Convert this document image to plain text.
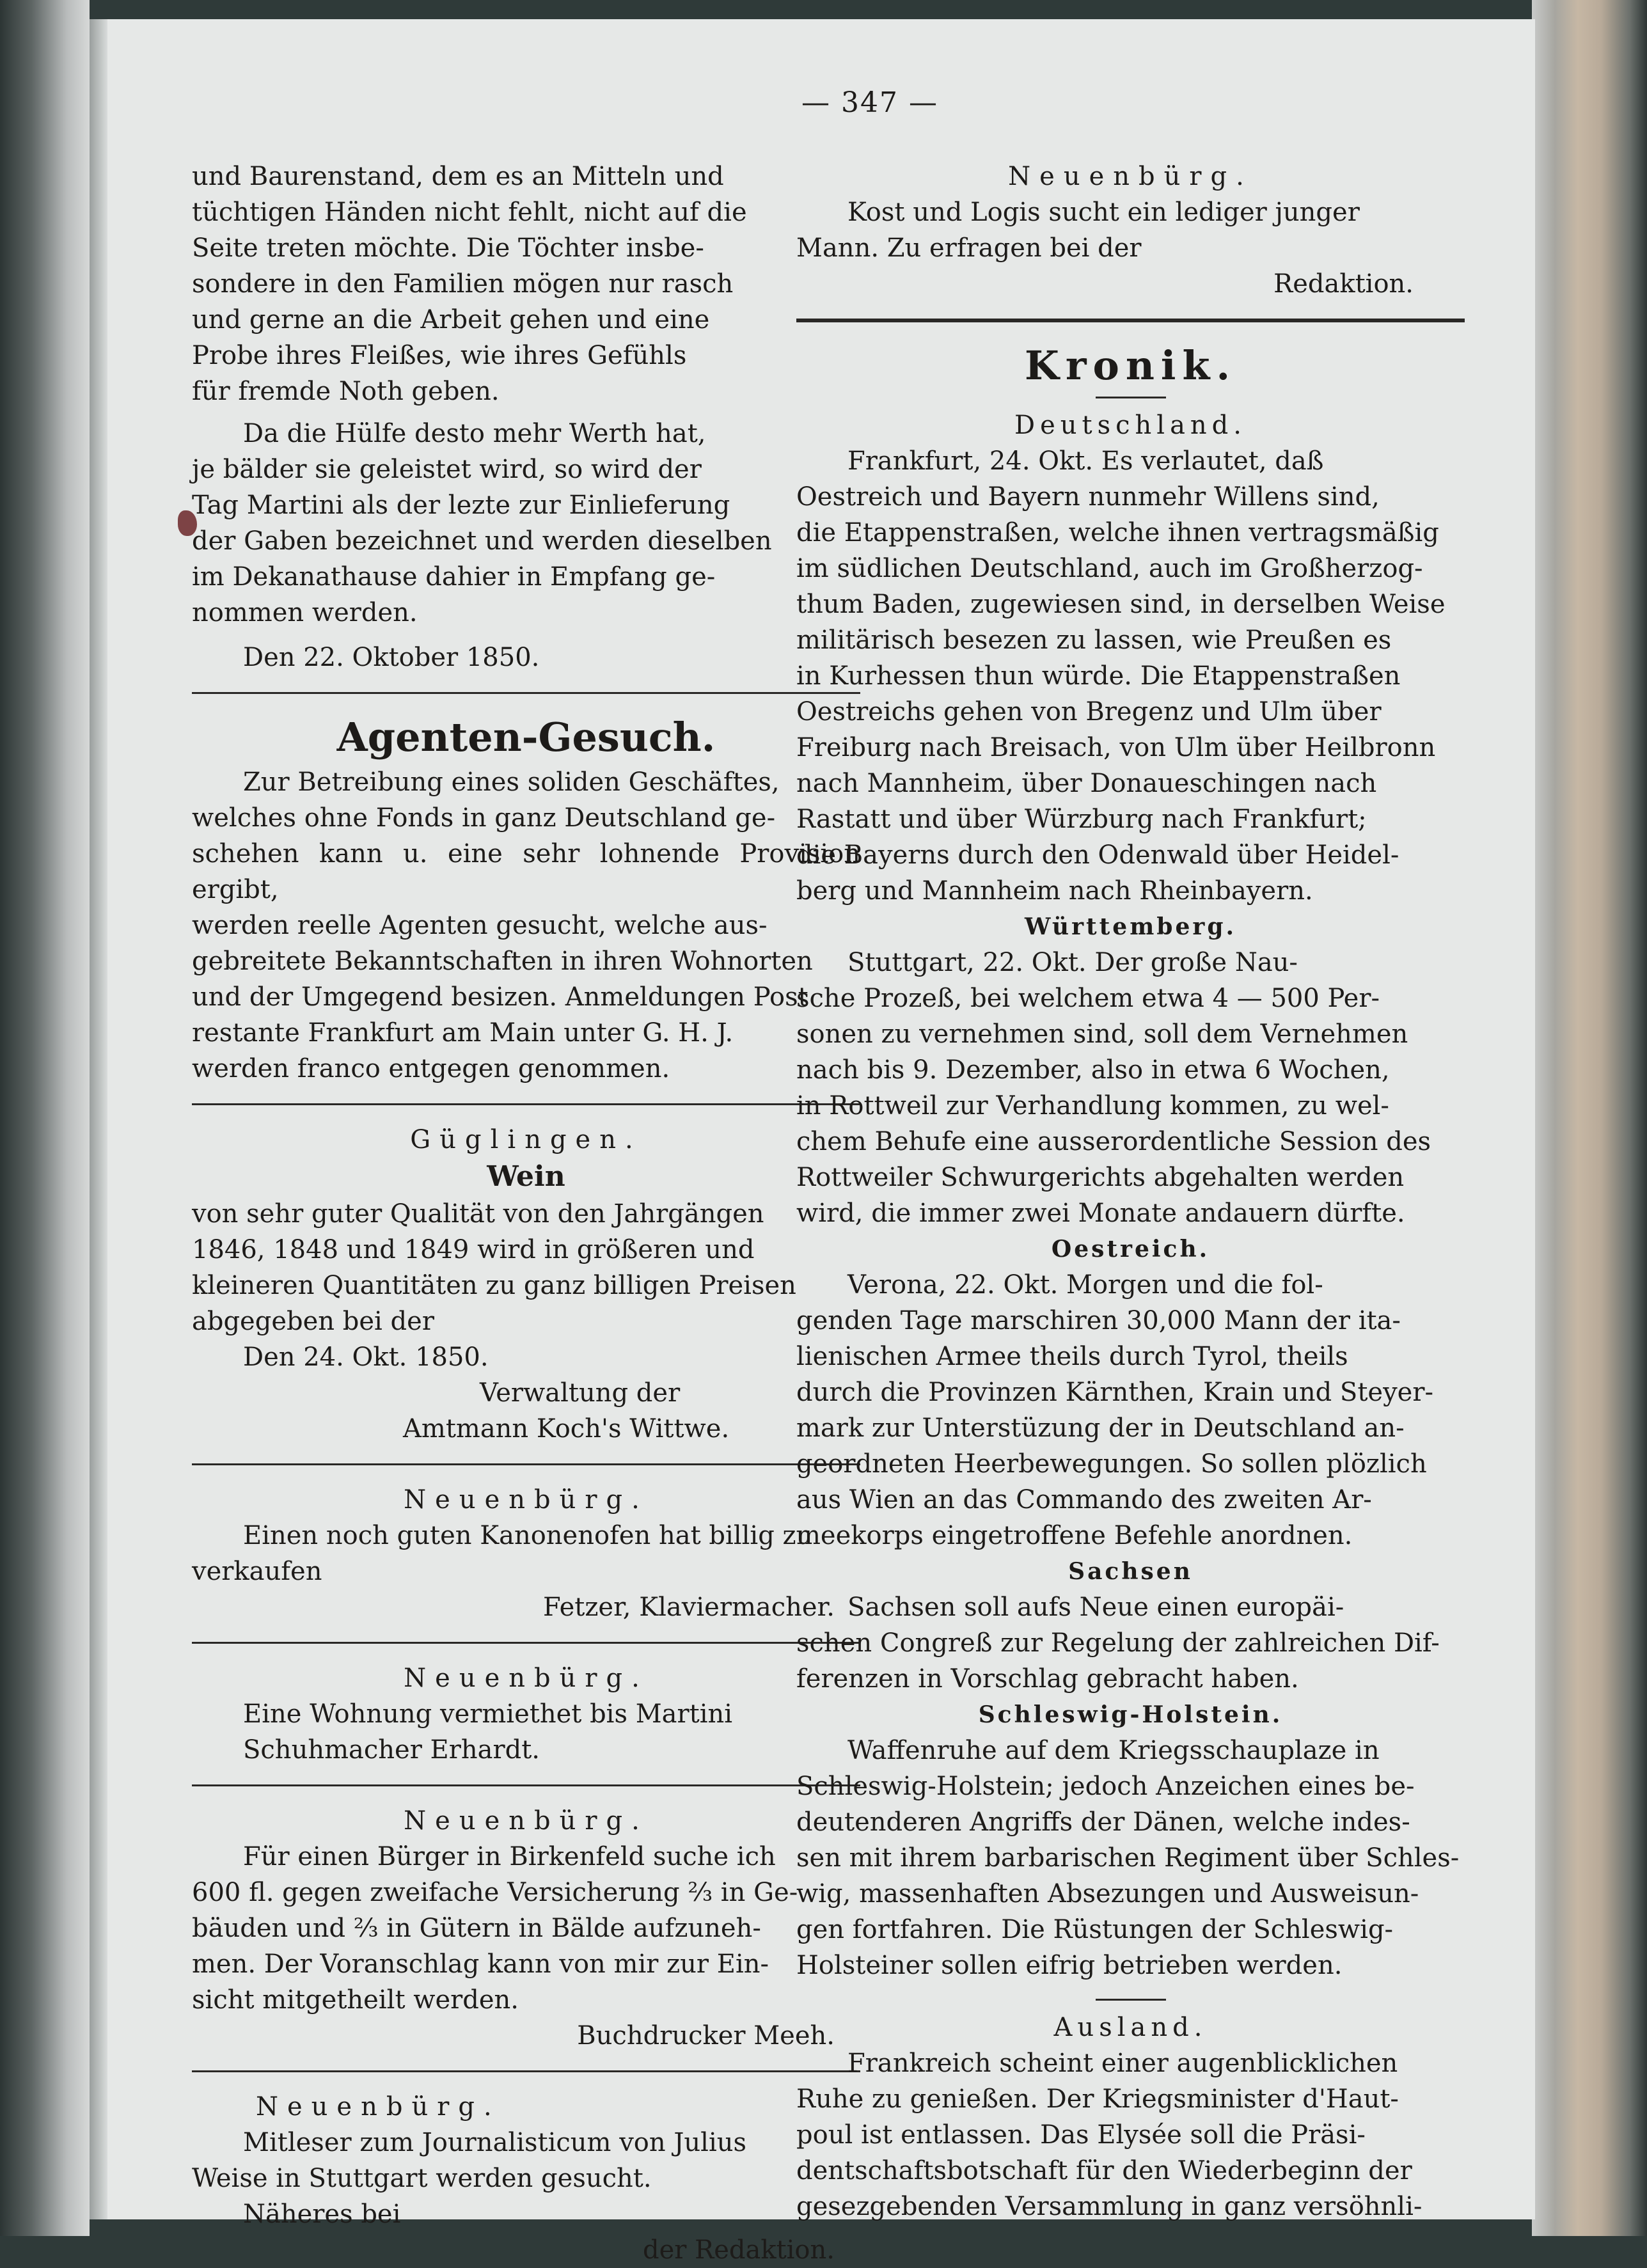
— 347 —

und Baurenstand, dem es an Mitteln und

tüchtigen Händen nicht fehlt, nicht auf die

Seite treten möchte. Die Töchter insbe-

sondere in den Familien mögen nur rasch

und gerne an die Arbeit gehen und eine

Probe ihres Fleißes, wie ihres Gefühls

für fremde Noth geben.

Da die Hülfe desto mehr Werth hat,

je bälder sie geleistet wird, so wird der

Tag Martini als der lezte zur Einlieferung

der Gaben bezeichnet und werden dieselben

im Dekanathause dahier in Empfang ge-

nommen werden.

Den 22. Oktober 1850.

Agenten-Gesuch.

Zur Betreibung eines soliden Geschäftes,

welches ohne Fonds in ganz Deutschland ge-

schehen kann u. eine sehr lohnende Provision ergibt,

werden reelle Agenten gesucht, welche aus-

gebreitete Bekanntschaften in ihren Wohnorten

und der Umgegend besizen. Anmeldungen Post

restante Frankfurt am Main unter G. H. J.

werden franco entgegen genommen.

Güglingen.
Wein

von sehr guter Qualität von den Jahrgängen

1846, 1848 und 1849 wird in größeren und

kleineren Quantitäten zu ganz billigen Preisen

abgegeben bei der

Den 24. Okt. 1850.

Verwaltung der

Amtmann Koch's Wittwe.

Neuenbürg.

Einen noch guten Kanonenofen hat billig zu

verkaufen

Fetzer, Klaviermacher.

Neuenbürg.

Eine Wohnung vermiethet bis Martini

Schuhmacher Erhardt.

Neuenbürg.

Für einen Bürger in Birkenfeld suche ich

600 fl. gegen zweifache Versicherung ⅔ in Ge-

bäuden und ⅔ in Gütern in Bälde aufzuneh-

men. Der Voranschlag kann von mir zur Ein-

sicht mitgetheilt werden.

Buchdrucker Meeh.

Neuenbürg.

Mitleser zum Journalisticum von Julius

Weise in Stuttgart werden gesucht.

Näheres bei

der Redaktion.

Neuenbürg.

Kost und Logis sucht ein lediger junger

Mann. Zu erfragen bei der

Redaktion.

Kronik.
Deutschland.

Frankfurt, 24. Okt. Es verlautet, daß

Oestreich und Bayern nunmehr Willens sind,

die Etappenstraßen, welche ihnen vertragsmäßig

im südlichen Deutschland, auch im Großherzog-

thum Baden, zugewiesen sind, in derselben Weise

militärisch besezen zu lassen, wie Preußen es

in Kurhessen thun würde. Die Etappenstraßen

Oestreichs gehen von Bregenz und Ulm über

Freiburg nach Breisach, von Ulm über Heilbronn

nach Mannheim, über Donaueschingen nach

Rastatt und über Würzburg nach Frankfurt;

die Bayerns durch den Odenwald über Heidel-

berg und Mannheim nach Rheinbayern.

Württemberg.

Stuttgart, 22. Okt. Der große Nau-

sche Prozeß, bei welchem etwa 4 — 500 Per-

sonen zu vernehmen sind, soll dem Vernehmen

nach bis 9. Dezember, also in etwa 6 Wochen,

in Rottweil zur Verhandlung kommen, zu wel-

chem Behufe eine ausserordentliche Session des

Rottweiler Schwurgerichts abgehalten werden

wird, die immer zwei Monate andauern dürfte.

Oestreich.

Verona, 22. Okt. Morgen und die fol-

genden Tage marschiren 30,000 Mann der ita-

lienischen Armee theils durch Tyrol, theils

durch die Provinzen Kärnthen, Krain und Steyer-

mark zur Unterstüzung der in Deutschland an-

geordneten Heerbewegungen. So sollen plözlich

aus Wien an das Commando des zweiten Ar-

meekorps eingetroffene Befehle anordnen.

Sachsen

Sachsen soll aufs Neue einen europäi-

schen Congreß zur Regelung der zahlreichen Dif-

ferenzen in Vorschlag gebracht haben.

Schleswig-Holstein.

Waffenruhe auf dem Kriegsschauplaze in

Schleswig-Holstein; jedoch Anzeichen eines be-

deutenderen Angriffs der Dänen, welche indes-

sen mit ihrem barbarischen Regiment über Schles-

wig, massenhaften Absezungen und Ausweisun-

gen fortfahren. Die Rüstungen der Schleswig-

Holsteiner sollen eifrig betrieben werden.

Ausland.

Frankreich scheint einer augenblicklichen

Ruhe zu genießen. Der Kriegsminister d'Haut-

poul ist entlassen. Das Elysée soll die Präsi-

dentschaftsbotschaft für den Wiederbeginn der

gesezgebenden Versammlung in ganz versöhnli-
